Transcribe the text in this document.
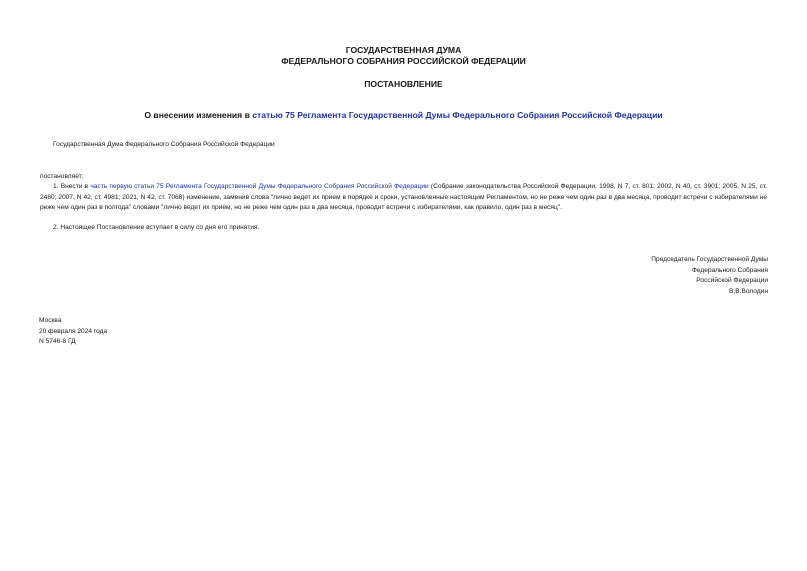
ГОСУДАРСТВЕННАЯ ДУМА
ФЕДЕРАЛЬНОГО СОБРАНИЯ РОССИЙСКОЙ ФЕДЕРАЦИИ
ПОСТАНОВЛЕНИЕ
О внесении изменения в статью 75 Регламента Государственной Думы Федерального Собрания Российской Федерации
Государственная Дума Федерального Собрания Российской Федерации
постановляет:
1. Внести в часть первую статьи 75 Регламента Государственной Думы Федерального Собрания Российской Федерации (Собрание законодательства Российской Федерации, 1998, N 7, ст. 801; 2002, N 40, ст. 3901; 2005, N 25, ст. 2480; 2007, N 42, ст. 4981; 2021, N 42, ст. 7068) изменение, заменив слова "лично ведет их прием в порядке и сроки, установленные настоящим Регламентом, но не реже чем один раз в два месяца, проводит встречи с избирателями не реже чем один раз в полгода" словами "лично ведет их прием, но не реже чем один раз в два месяца, проводит встречи с избирателями, как правило, один раз в месяц".
2. Настоящее Постановление вступает в силу со дня его принятия.
Председатель Государственной Думы
Федерального Собрания
Российской Федерации
В.В.Володин
Москва
20 февраля 2024 года
N 5746-8 ГД
